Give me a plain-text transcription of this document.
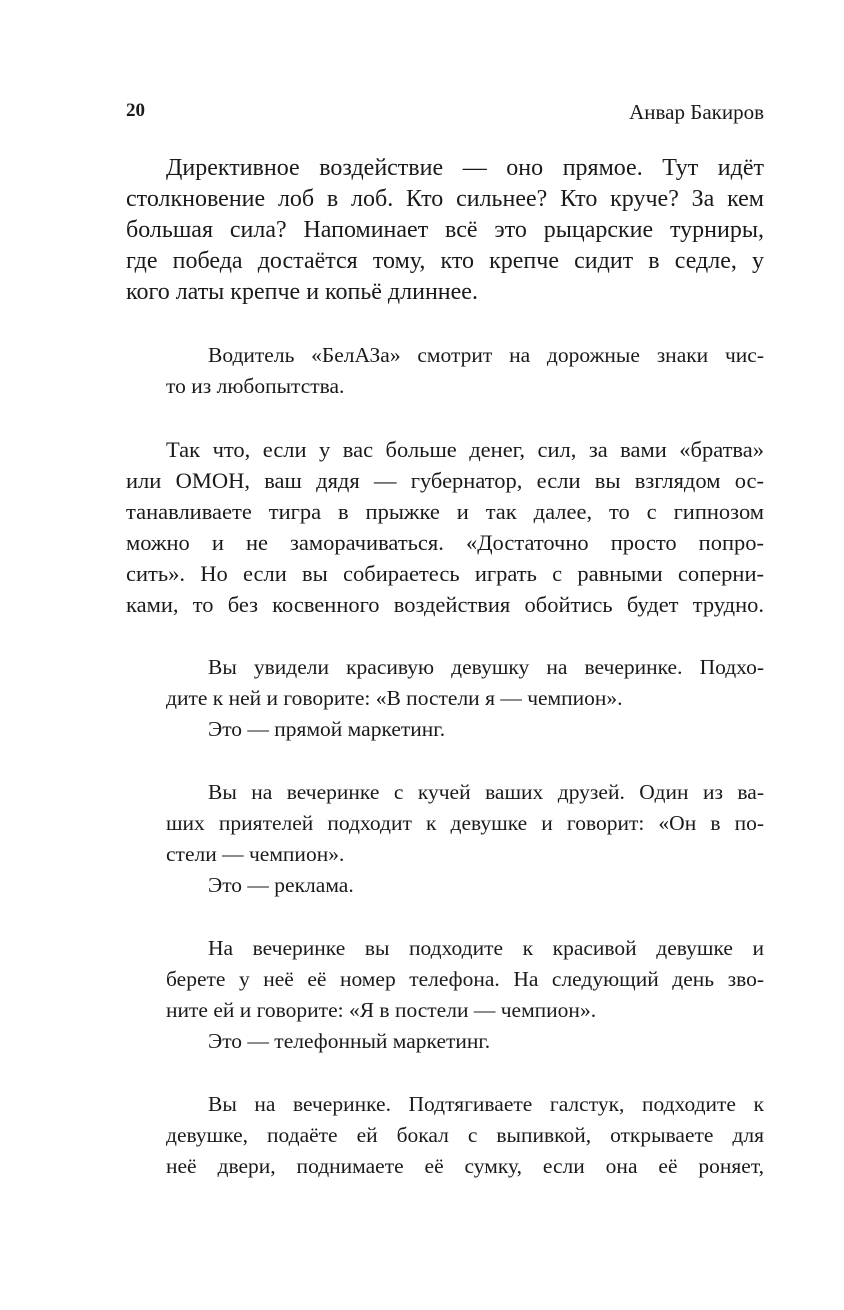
20	Анвар Бакиров
Директивное воздействие — оно прямое. Тут идёт
столкновение лоб в лоб. Кто сильнее? Кто круче? За кем
большая сила? Напоминает всё это рыцарские турниры,
где победа достаётся тому, кто крепче сидит в седле, у
кого латы крепче и копьё длиннее.
Водитель «БелАЗа» смотрит на дорожные знаки чис-
то из любопытства.
Так что, если у вас больше денег, сил, за вами «братва»
или ОМОН, ваш дядя — губернатор, если вы взглядом ос-
танавливаете тигра в прыжке и так далее, то с гипнозом
можно и не заморачиваться. «Достаточно просто попро-
сить». Но если вы собираетесь играть с равными соперни-
ками, то без косвенного воздействия обойтись будет трудно.
Вы увидели красивую девушку на вечеринке. Подхо-
дите к ней и говорите: «В постели я — чемпион».
Это — прямой маркетинг.
Вы на вечеринке с кучей ваших друзей. Один из ва-
ших приятелей подходит к девушке и говорит: «Он в по-
стели — чемпион».
Это — реклама.
На вечеринке вы подходите к красивой девушке и
берете у неё её номер телефона. На следующий день зво-
ните ей и говорите: «Я в постели — чемпион».
Это — телефонный маркетинг.
Вы на вечеринке. Подтягиваете галстук, подходите к
девушке, подаёте ей бокал с выпивкой, открываете для
неё двери, поднимаете её сумку, если она её роняет,
